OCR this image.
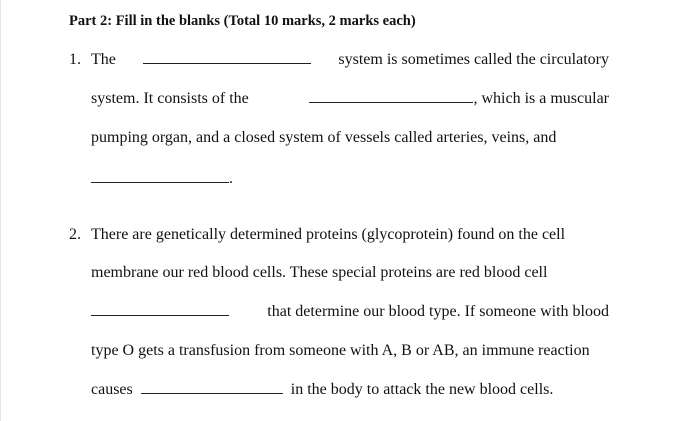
Part 2: Fill in the blanks (Total 10 marks, 2 marks each)
1. The	system is sometimes called the circulatory
system. It consists of the	, which is a muscular
pumping organ, and a closed system of vessels called arteries, veins, and
.
2. There are genetically determined proteins (glycoprotein) found on the cell
membrane our red blood cells. These special proteins are red blood cell
that determine our blood type. If someone with blood
type O gets a transfusion from someone with A, B or AB, an immune reaction
causes	in the body to attack the new blood cells.
